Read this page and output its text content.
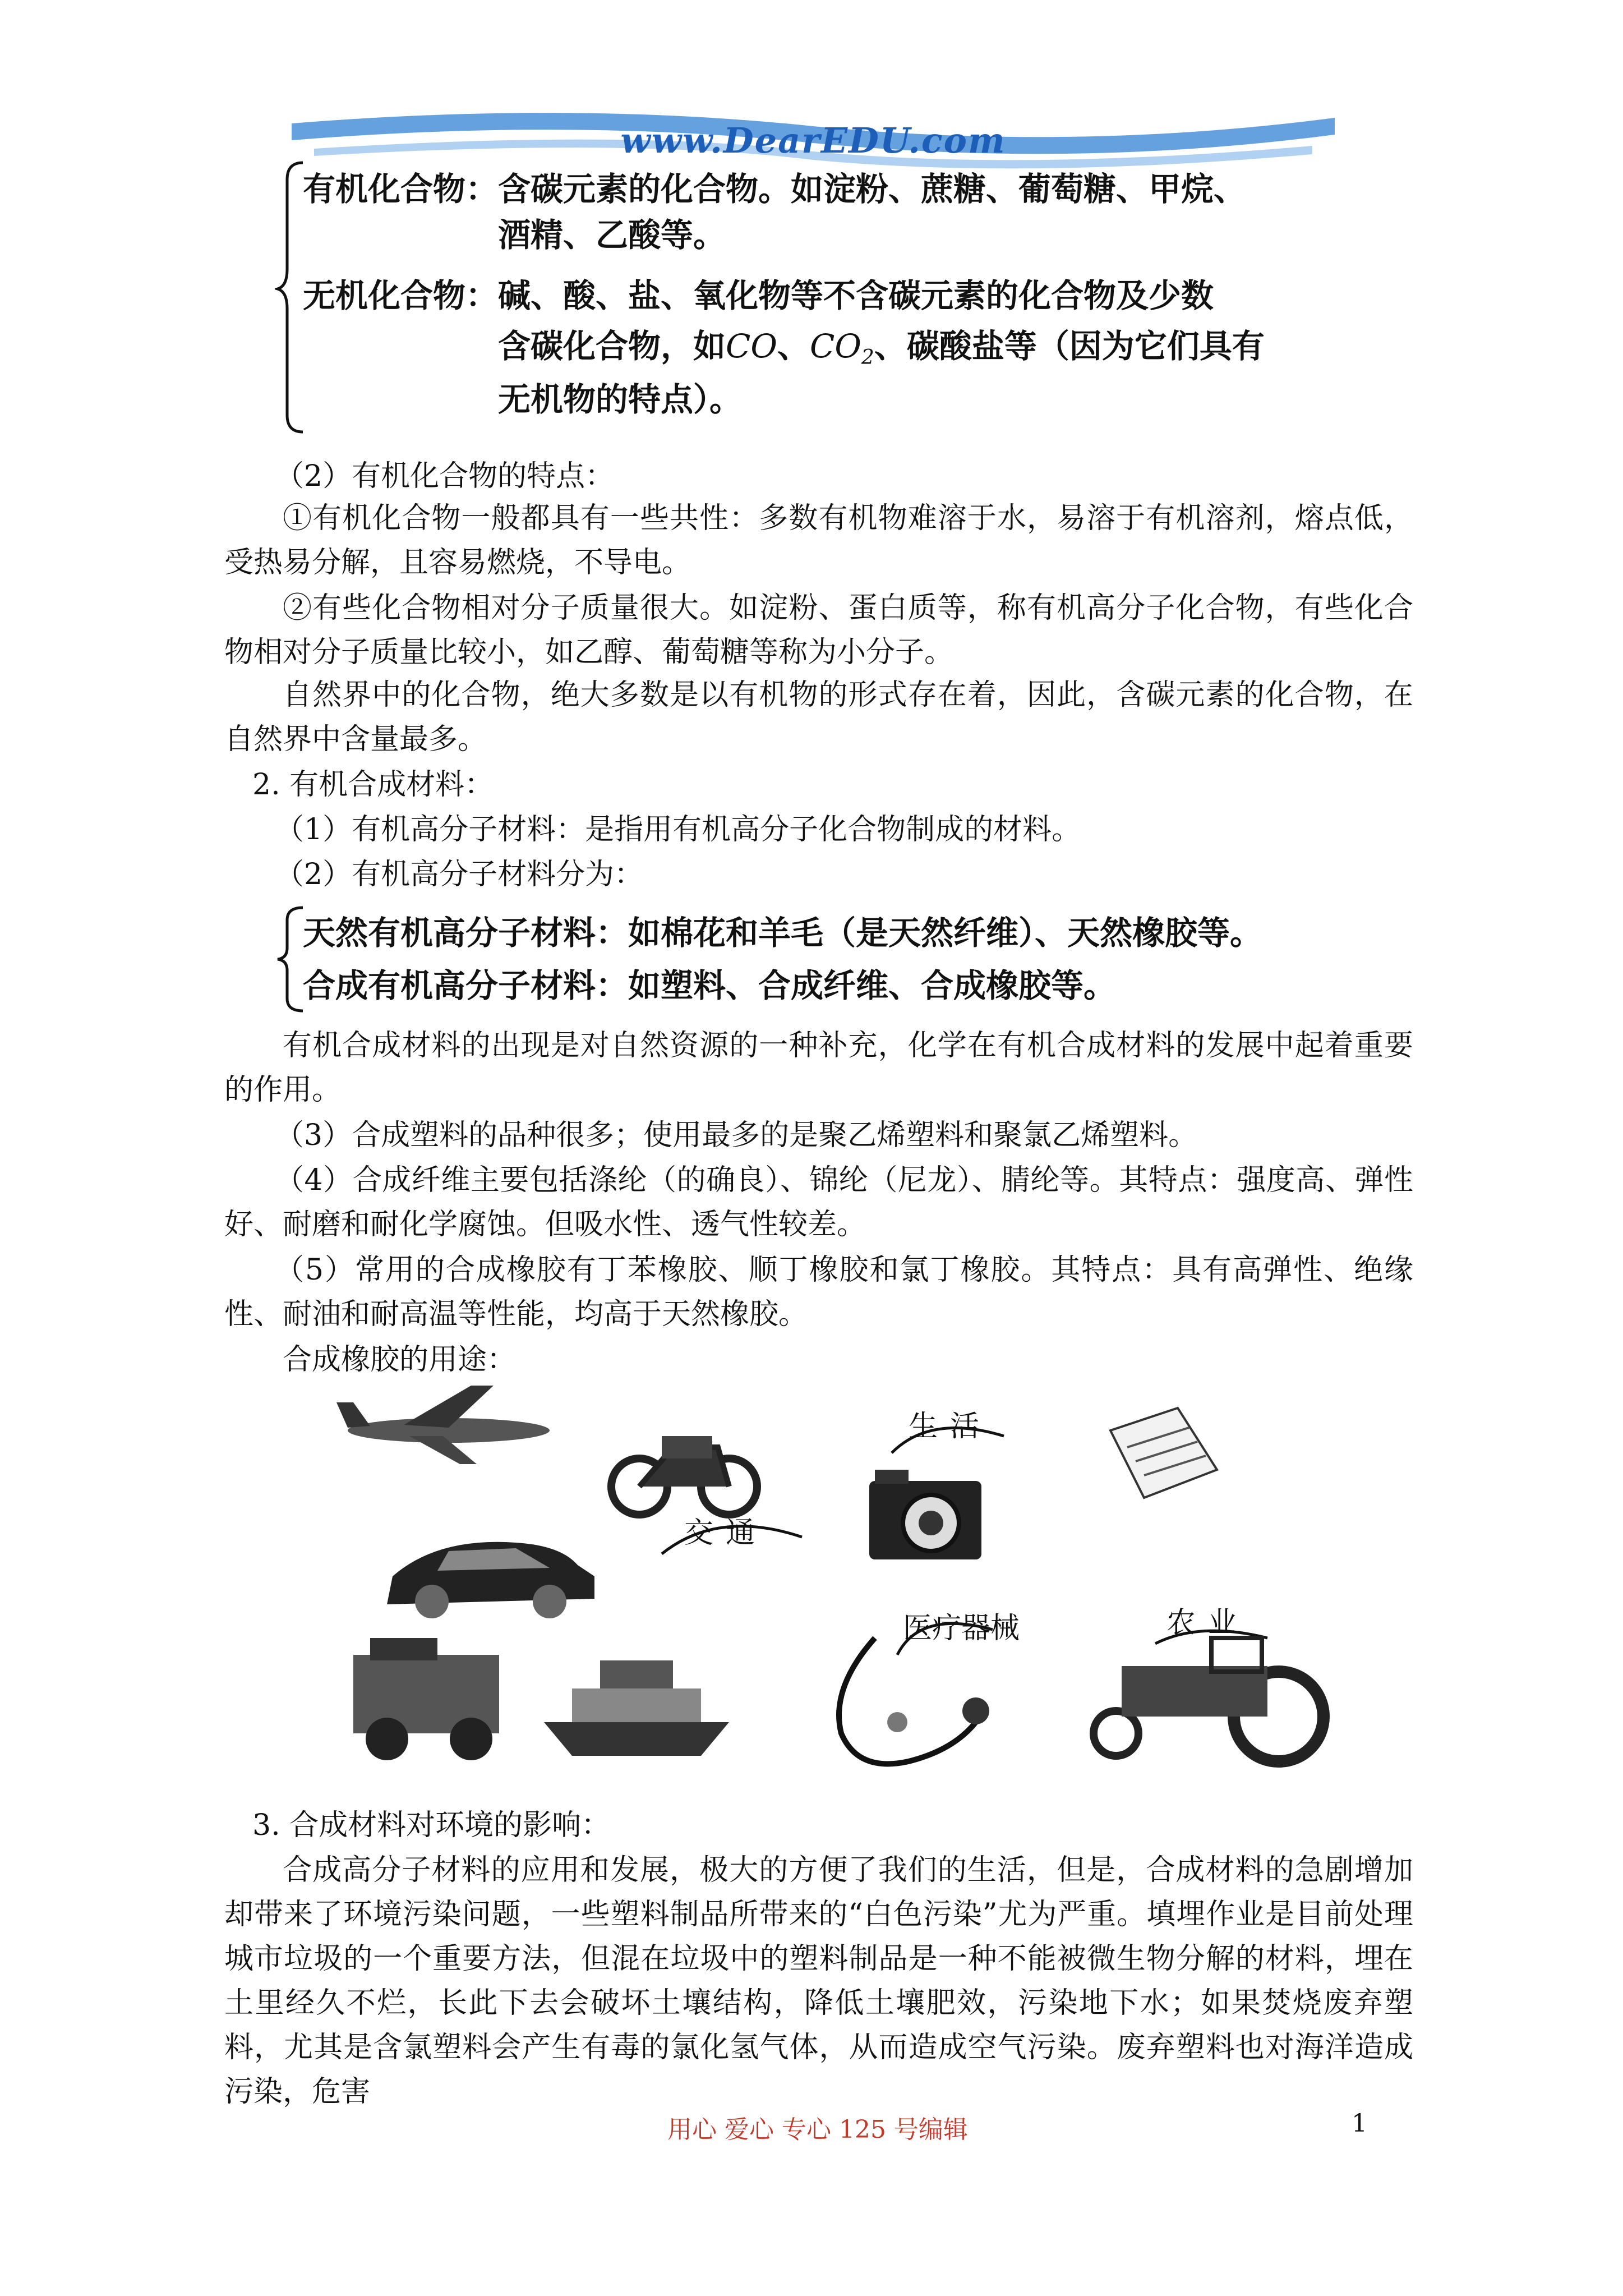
www.DearEDU.com
有机化合物：含碳元素的化合物。如淀粉、蔗糖、葡萄糖、甲烷、
酒精、乙酸等。
无机化合物：碱、酸、盐、氧化物等不含碳元素的化合物及少数
含碳化合物，如CO、$CO_2$、碳酸盐等（因为它们具有
无机物的特点）。
（2）有机化合物的特点：
①有机化合物一般都具有一些共性：多数有机物难溶于水，易溶于有机溶剂，熔点低，受热易分解，且容易燃烧，不导电。
②有些化合物相对分子质量很大。如淀粉、蛋白质等，称有机高分子化合物，有些化合物相对分子质量比较小，如乙醇、葡萄糖等称为小分子。
自然界中的化合物，绝大多数是以有机物的形式存在着，因此，含碳元素的化合物，在自然界中含量最多。
2. 有机合成材料：
（1）有机高分子材料：是指用有机高分子化合物制成的材料。
（2）有机高分子材料分为：
天然有机高分子材料：如棉花和羊毛（是天然纤维）、天然橡胶等。
合成有机高分子材料：如塑料、合成纤维、合成橡胶等。
有机合成材料的出现是对自然资源的一种补充，化学在有机合成材料的发展中起着重要的作用。
（3）合成塑料的品种很多；使用最多的是聚乙烯塑料和聚氯乙烯塑料。
（4）合成纤维主要包括涤纶（的确良）、锦纶（尼龙）、腈纶等。其特点：强度高、弹性好、耐磨和耐化学腐蚀。但吸水性、透气性较差。
（5）常用的合成橡胶有丁苯橡胶、顺丁橡胶和氯丁橡胶。其特点：具有高弹性、绝缘性、耐油和耐高温等性能，均高于天然橡胶。
合成橡胶的用途：
生活
交通
农业
医疗器械
3. 合成材料对环境的影响：
合成高分子材料的应用和发展，极大的方便了我们的生活，但是，合成材料的急剧增加却带来了环境污染问题，一些塑料制品所带来的“白色污染”尤为严重。填埋作业是目前处理城市垃圾的一个重要方法，但混在垃圾中的塑料制品是一种不能被微生物分解的材料，埋在土里经久不烂，长此下去会破坏土壤结构，降低土壤肥效，污染地下水；如果焚烧废弃塑料，尤其是含氯塑料会产生有毒的氯化氢气体，从而造成空气污染。废弃塑料也对海洋造成污染，危害
用心 爱心 专心 125 号编辑	1
